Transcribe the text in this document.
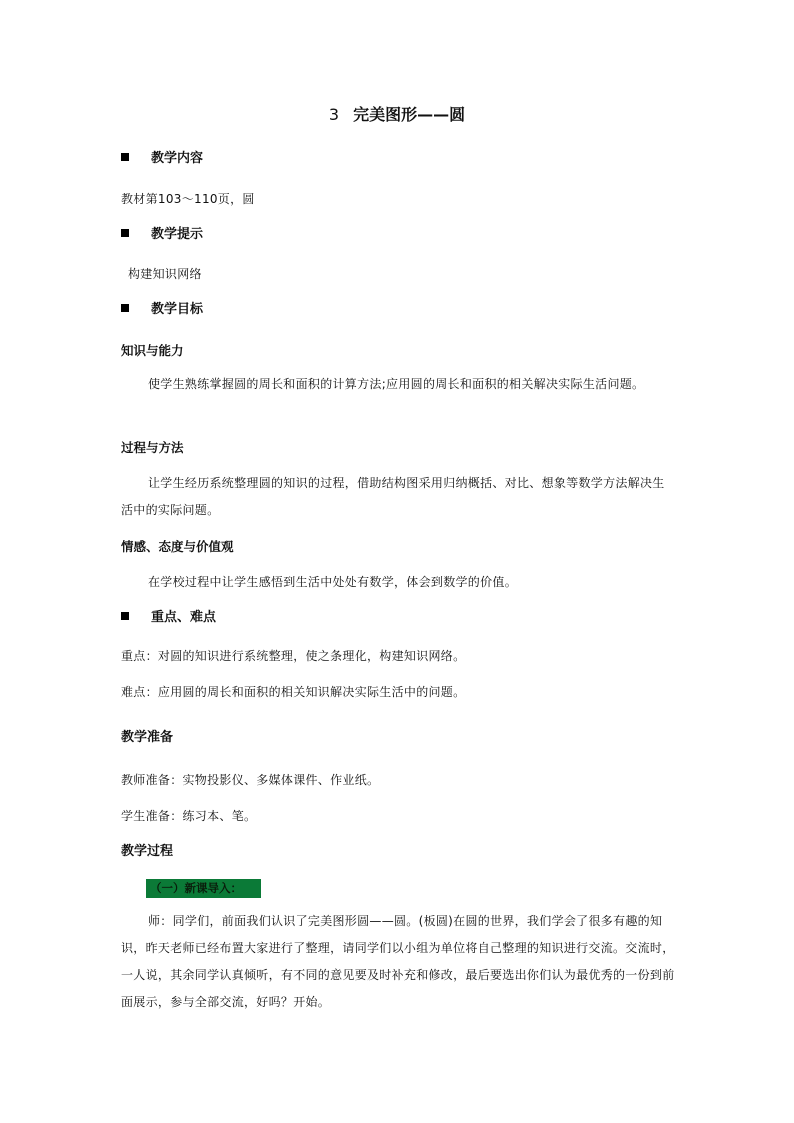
3 完美图形——圆
教学内容
教材第103～110页，圆
教学提示
构建知识网络
教学目标
知识与能力
使学生熟练掌握圆的周长和面积的计算方法;应用圆的周长和面积的相关解决实际生活问题。
过程与方法
让学生经历系统整理圆的知识的过程，借助结构图采用归纳概括、对比、想象等数学方法解决生活中的实际问题。
情感、态度与价值观
在学校过程中让学生感悟到生活中处处有数学，体会到数学的价值。
重点、难点
重点：对圆的知识进行系统整理，使之条理化，构建知识网络。
难点：应用圆的周长和面积的相关知识解决实际生活中的问题。
教学准备
教师准备：实物投影仪、多媒体课件、作业纸。
学生准备：练习本、笔。
教学过程
（一）新课导入：
师：同学们，前面我们认识了完美图形圆——圆。(板圆)在圆的世界，我们学会了很多有趣的知识，昨天老师已经布置大家进行了整理，请同学们以小组为单位将自己整理的知识进行交流。交流时，一人说，其余同学认真倾听，有不同的意见要及时补充和修改，最后要选出你们认为最优秀的一份到前面展示，参与全部交流，好吗？开始。
